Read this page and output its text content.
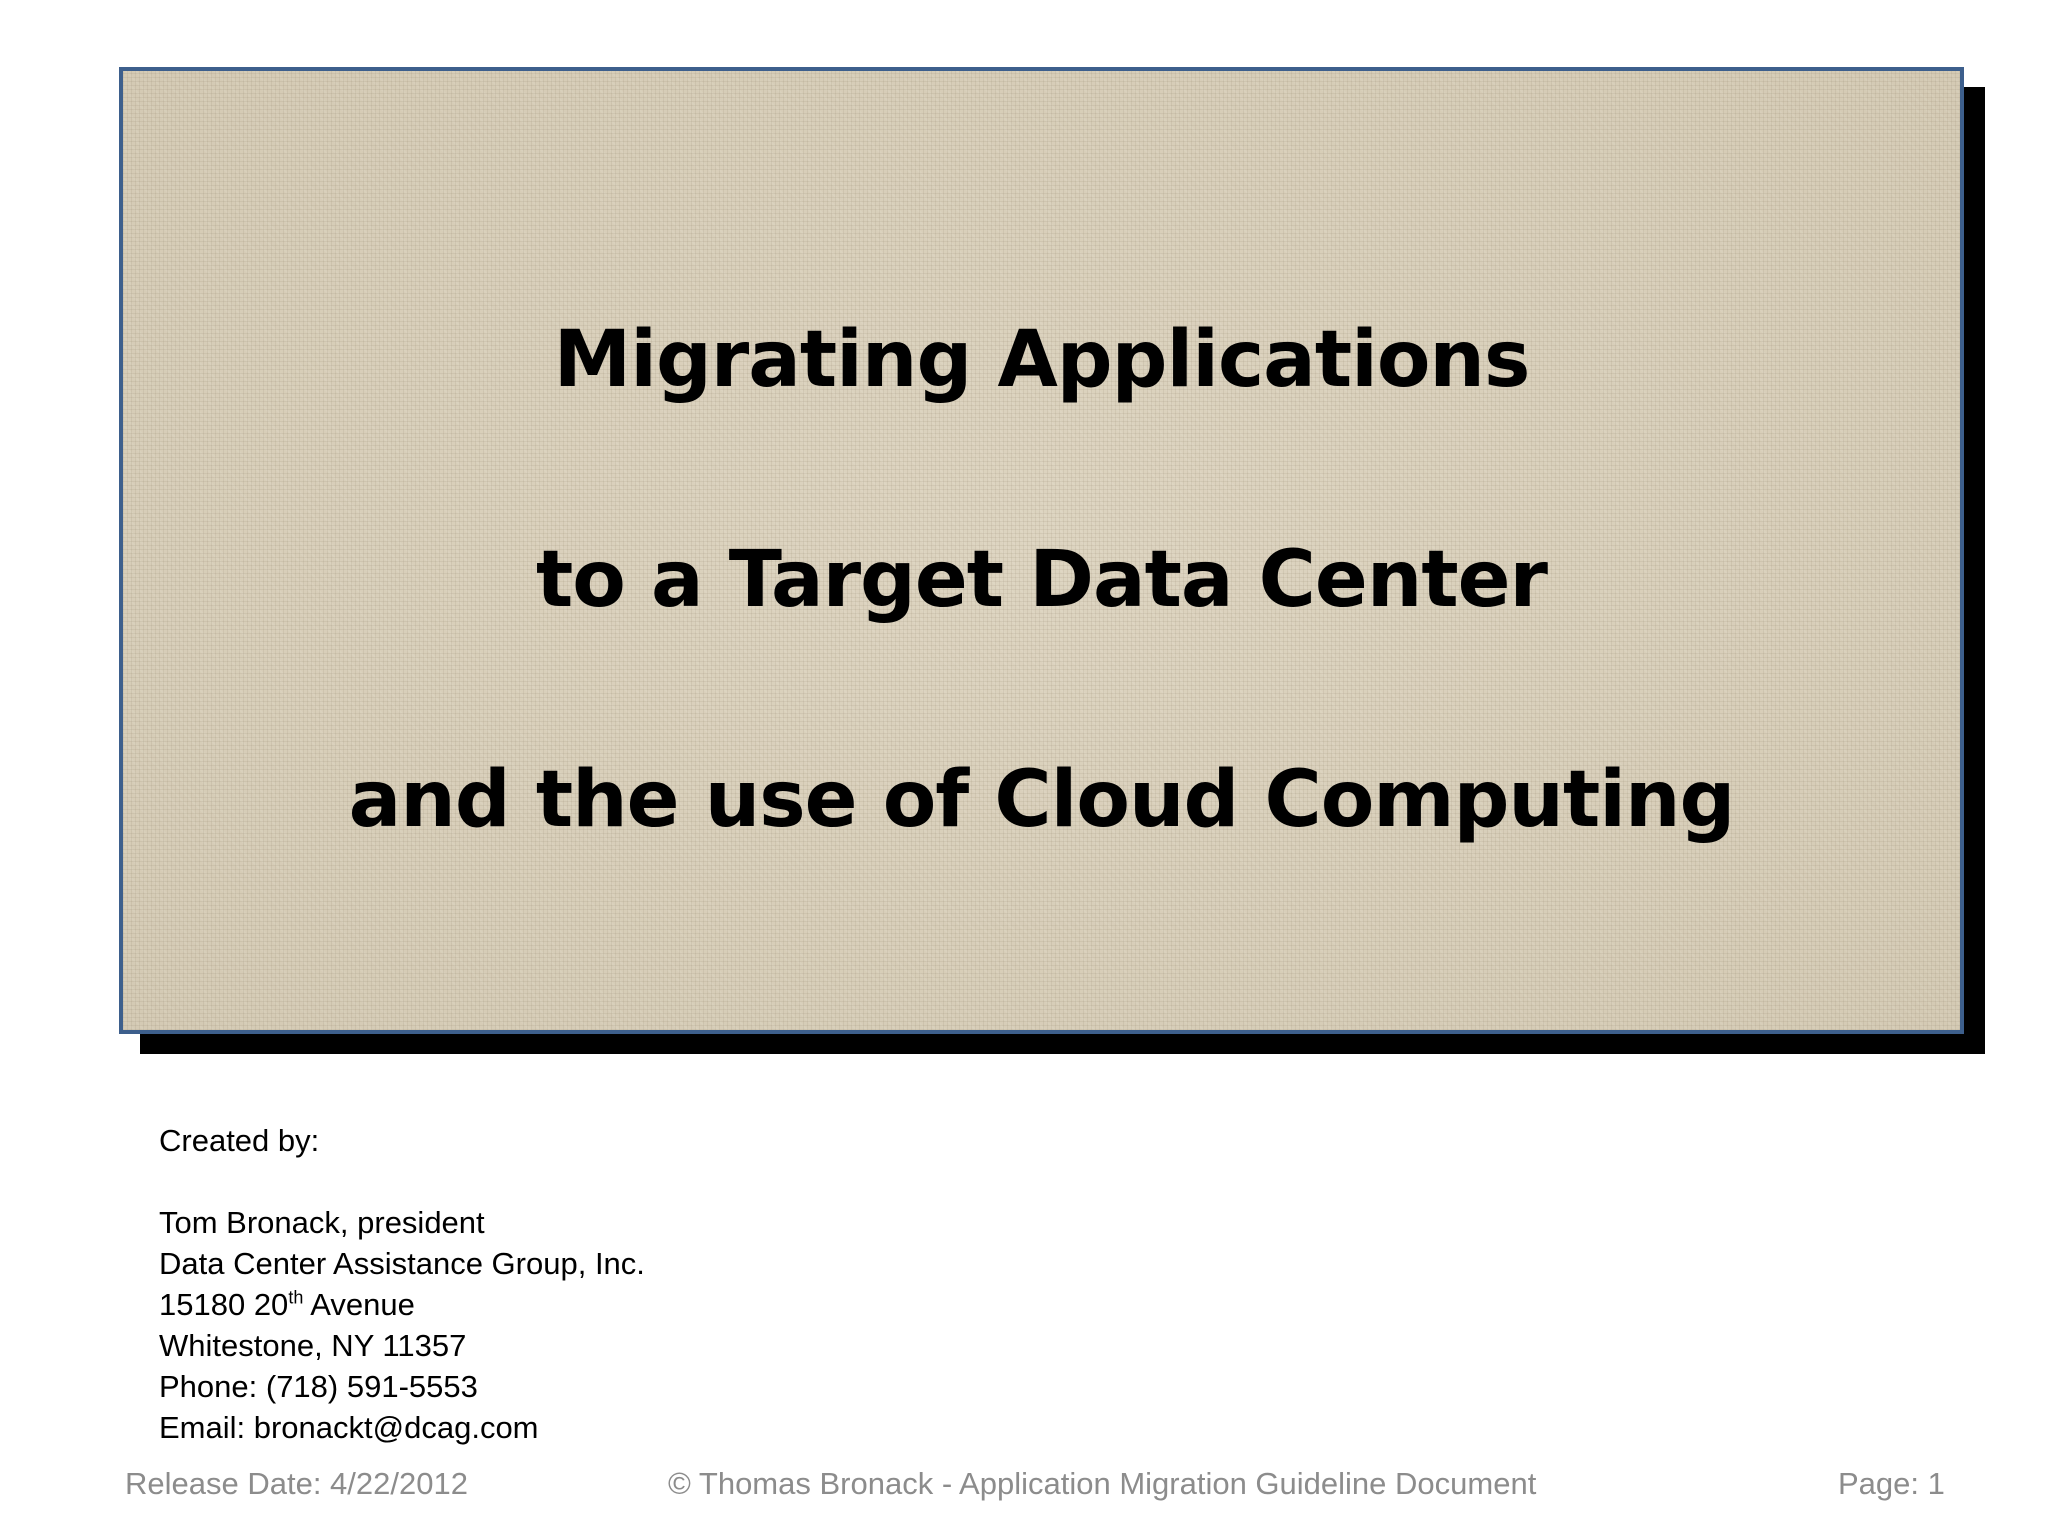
Migrating Applications
to a Target Data Center
and the use of Cloud Computing
Created by:
Tom Bronack, president
Data Center Assistance Group, Inc.
15180 20th Avenue
Whitestone, NY 11357
Phone: (718) 591-5553
Email: bronackt@dcag.com
Release Date: 4/22/2012	© Thomas Bronack - Application Migration Guideline Document	Page: 1
